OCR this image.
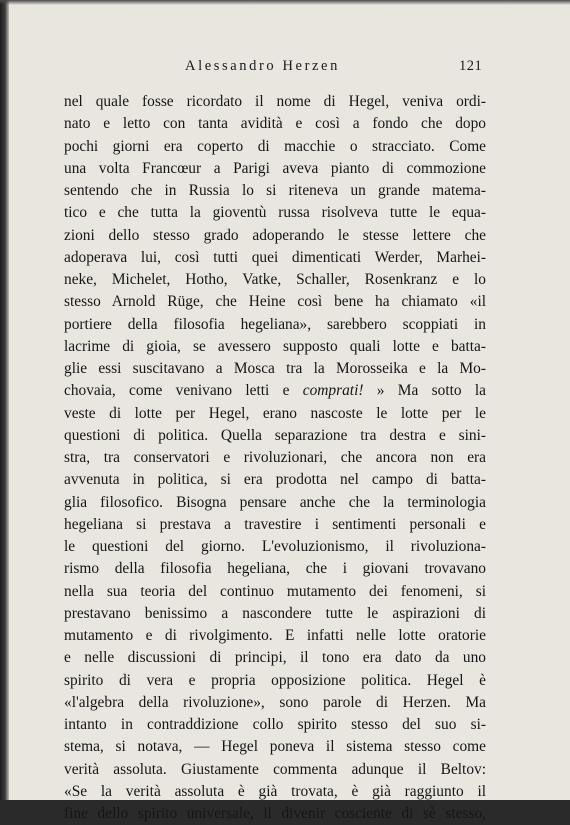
Alessandro Herzen	121
nel quale fosse ricordato il nome di Hegel, veniva ordi-
nato e letto con tanta avidità e così a fondo che dopo
pochi giorni era coperto di macchie o stracciato. Come
una volta Francœur a Parigi aveva pianto di commozione
sentendo che in Russia lo si riteneva un grande matema-
tico e che tutta la gioventù russa risolveva tutte le equa-
zioni dello stesso grado adoperando le stesse lettere che
adoperava lui, così tutti quei dimenticati Werder, Marhei-
neke, Michelet, Hotho, Vatke, Schaller, Rosenkranz e lo
stesso Arnold Rüge, che Heine così bene ha chiamato «il
portiere della filosofia hegeliana», sarebbero scoppiati in
lacrime di gioia, se avessero supposto quali lotte e batta-
glie essi suscitavano a Mosca tra la Morosseika e la Mo-
chovaia, come venivano letti e comprati! » Ma sotto la
veste di lotte per Hegel, erano nascoste le lotte per le
questioni di politica. Quella separazione tra destra e sini-
stra, tra conservatori e rivoluzionari, che ancora non era
avvenuta in politica, si era prodotta nel campo di batta-
glia filosofico. Bisogna pensare anche che la terminologia
hegeliana si prestava a travestire i sentimenti personali e
le questioni del giorno. L'evoluzionismo, il rivoluziona-
rismo della filosofia hegeliana, che i giovani trovavano
nella sua teoria del continuo mutamento dei fenomeni, si
prestavano benissimo a nascondere tutte le aspirazioni di
mutamento e di rivolgimento. E infatti nelle lotte oratorie
e nelle discussioni di principi, il tono era dato da uno
spirito di vera e propria opposizione politica. Hegel è
«l'algebra della rivoluzione», sono parole di Herzen. Ma
intanto in contraddizione collo spirito stesso del suo si-
stema, si notava, — Hegel poneva il sistema stesso come
verità assoluta. Giustamente commenta adunque il Beltov:
«Se la verità assoluta è già trovata, è già raggiunto il
fine dello spirito universale, il divenir cosciente di sè stesso,
